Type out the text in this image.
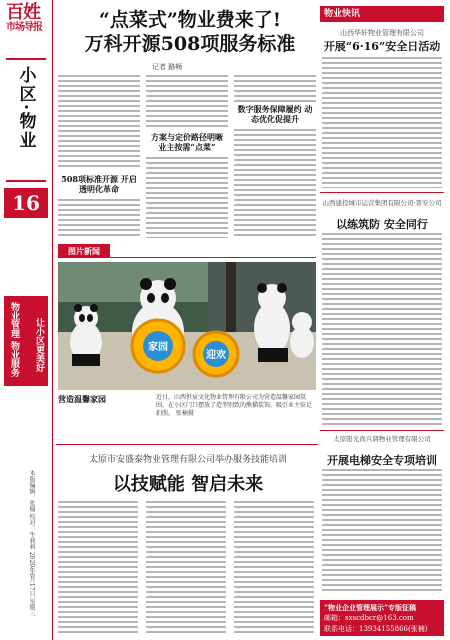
百姓
市场导报
小区·物业
16
物业管理 物业服务 让小区更美好
本版编辑：张楠 校对：牛莉莉 2020年6月17日 星期三
“点菜式”物业费来了!
万科开源508项服务标准
记者 路畅
508项标准开源 开启透明化革命
方案与定价路径明晰 业主按需“点菜”
数字服务保障履约 动态优化促提升
图片新闻
家园
迎欢
营造温馨家园	近日，山西恒宸文化物业管理有限公司为营造温馨家园氛围，在小区门口摆放了造型别致的熊猫装饰，吸引业主驻足拍照。 张楠摄
太原市安盛泰物业管理有限公司举办服务技能培训
以技赋能 智启未来
物业快讯
山西华轩物业管理有限公司
开展“6·16”安全日活动
山西建投城市运营集团有限公司·晋安公司
以练筑防 安全同行
太原阳光尚兴调物业管理有限公司
开展电梯安全专项培训
“物业企业管理展示”专版征稿
邮箱：sxscdbcr@163.com
联系电话：13934155866(张楠)
